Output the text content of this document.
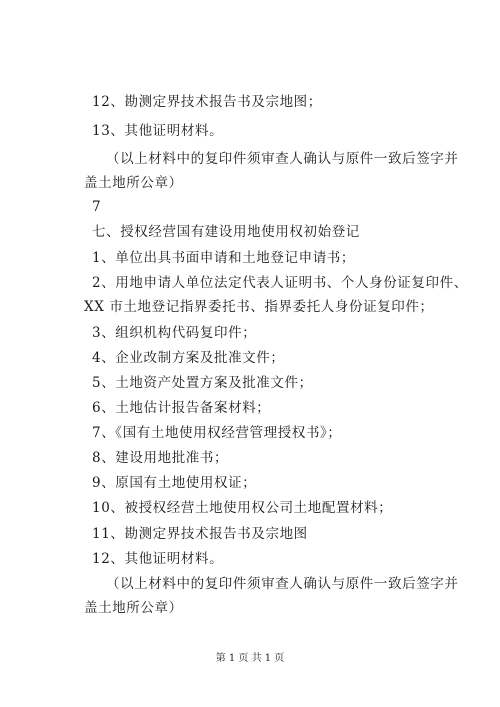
12、勘测定界技术报告书及宗地图；
13、其他证明材料。
（以上材料中的复印件须审查人确认与原件一致后签字并
盖土地所公章）
7
七、授权经营国有建设用地使用权初始登记
1、单位出具书面申请和土地登记申请书；
2、用地申请人单位法定代表人证明书、个人身份证复印件、
XX 市土地登记指界委托书、指界委托人身份证复印件；
3、组织机构代码复印件；
4、企业改制方案及批准文件；
5、土地资产处置方案及批准文件；
6、土地估计报告备案材料；
7、《国有土地使用权经营管理授权书》；
8、建设用地批准书；
9、原国有土地使用权证；
10、被授权经营土地使用权公司土地配置材料；
11、勘测定界技术报告书及宗地图
12、其他证明材料。
（以上材料中的复印件须审查人确认与原件一致后签字并
盖土地所公章）
第 1 页 共 1 页
